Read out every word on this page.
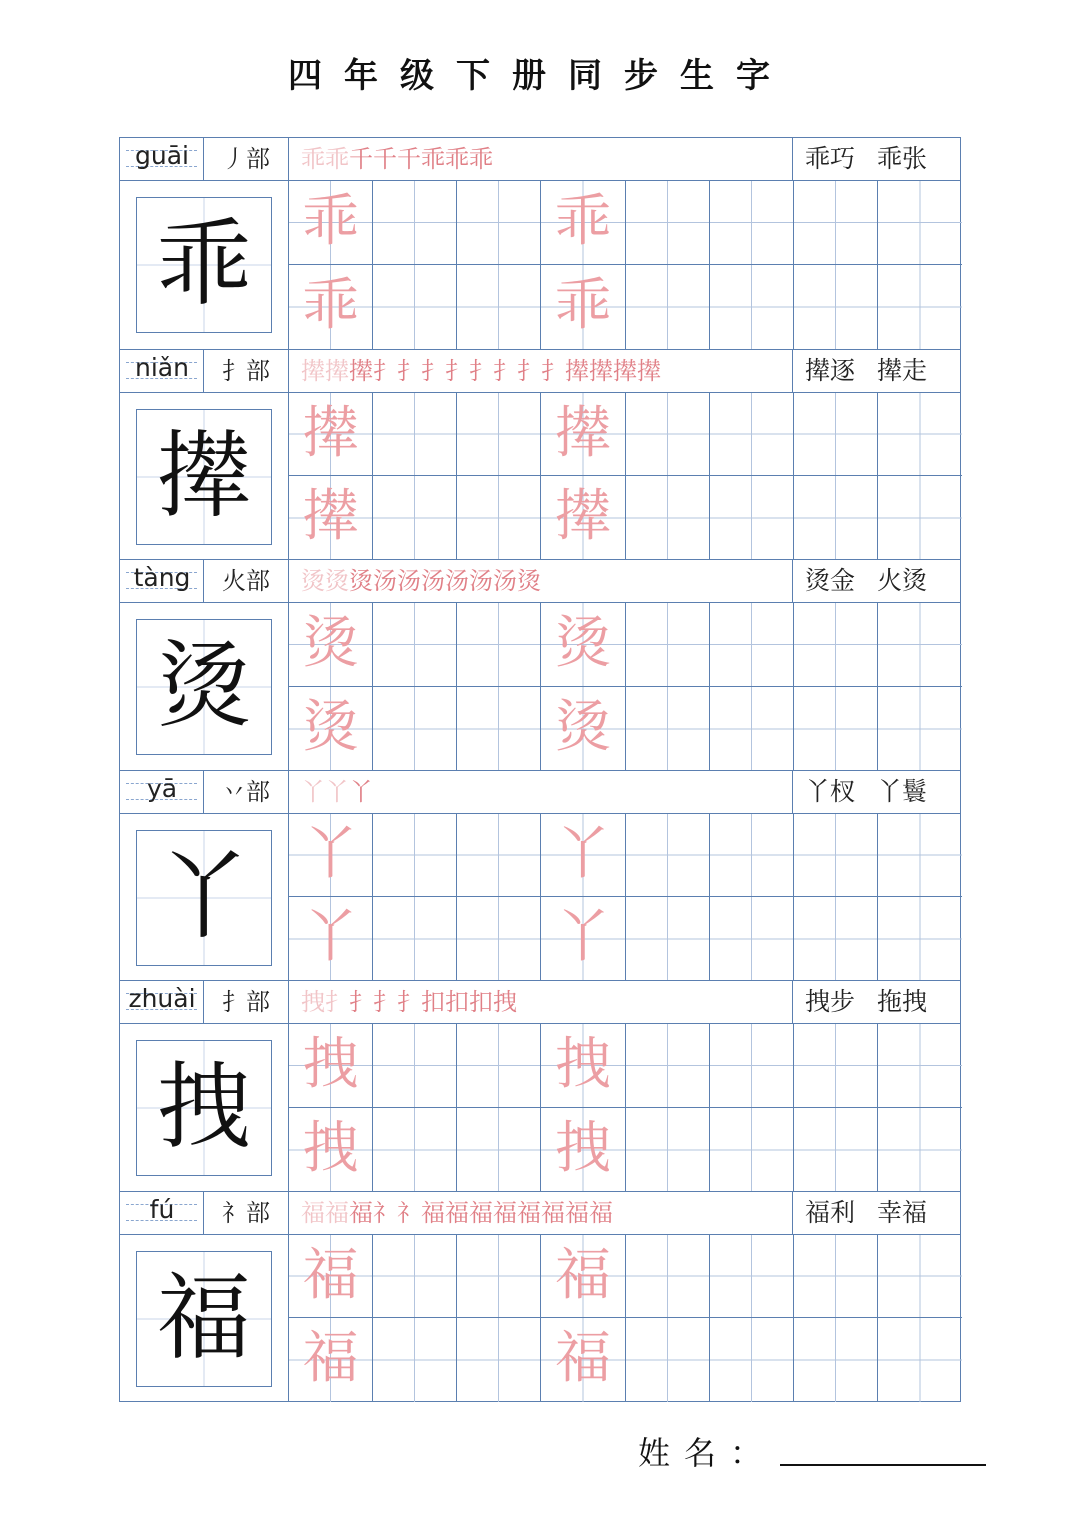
四年级下册同步生字
guāi	丿部	乖乖千千千乖乖乖	乖巧 乖张
乖 乖	乖
乖	乖
niǎn	扌部	撵撵撵扌扌扌扌扌扌扌扌撵撵撵撵	撵逐 撵走
撵 撵	撵
撵	撵
tàng	火部	烫烫烫汤汤汤汤汤汤烫	烫金 火烫
烫 烫	烫
烫	烫
yā	丷部	丫丫丫	丫杈 丫鬟
丫 丫	丫
丫	丫
zhuài	扌部	拽扌扌扌扌扣扣扣拽	拽步 拖拽
拽 拽	拽
拽	拽
fú	礻部	福福福礻礻福福福福福福福福	福利 幸福
福 福	福
福	福
姓名：
